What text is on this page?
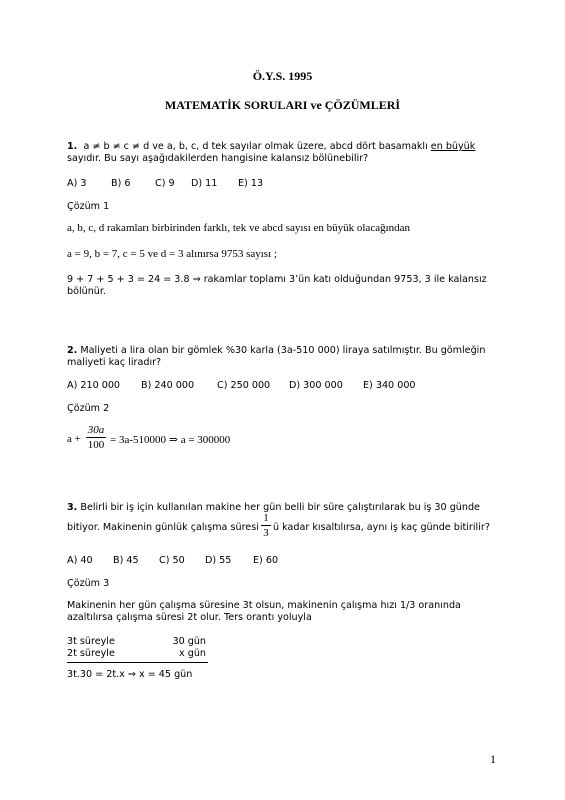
Ö.Y.S. 1995
MATEMATİK SORULARI ve ÇÖZÜMLERİ
1. a ≠ b ≠ c ≠ d ve a, b, c, d tek sayılar olmak üzere, abcd dört basamaklı en büyük
sayıdır. Bu sayı aşağıdakilerden hangisine kalansız bölünebilir?
A) 3	B) 6	C) 9 D) 11 E) 13
Çözüm 1
a, b, c, d rakamları birbirinden farklı, tek ve abcd sayısı en büyük olacağından
a = 9, b = 7, c = 5 ve d = 3 alınırsa 9753 sayısı ;
9 + 7 + 5 + 3 = 24 = 3.8 ⇒ rakamlar toplamı 3’ün katı olduğundan 9753, 3 ile kalansız
bölünür.
2. Maliyeti a lira olan bir gömlek %30 karla (3a-510 000) liraya satılmıştır. Bu gömleğin
maliyeti kaç liradır?
A) 210 000 B) 240 000 C) 250 000 D) 300 000 E) 340 000
Çözüm 2
a +
30a
100 = 3a-510000 ⇒ a = 300000
3. Belirli bir iş için kullanılan makine her gün belli bir süre çalıştırılarak bu iş 30 günde
bitiyor. Makinenin günlük çalışma süresi
1
3 ü kadar kısaltılırsa, aynı iş kaç günde bitirilir?
A) 40 B) 45 C) 50 D) 55 E) 60
Çözüm 3
Makinenin her gün çalışma süresine 3t olsun, makinenin çalışma hızı 1/3 oranında
azaltılırsa çalışma süresi 2t olur. Ters orantı yoluyla
3t süreyle	30 gün
2t süreyle	x gün
3t.30 = 2t.x ⇒ x = 45 gün
1
